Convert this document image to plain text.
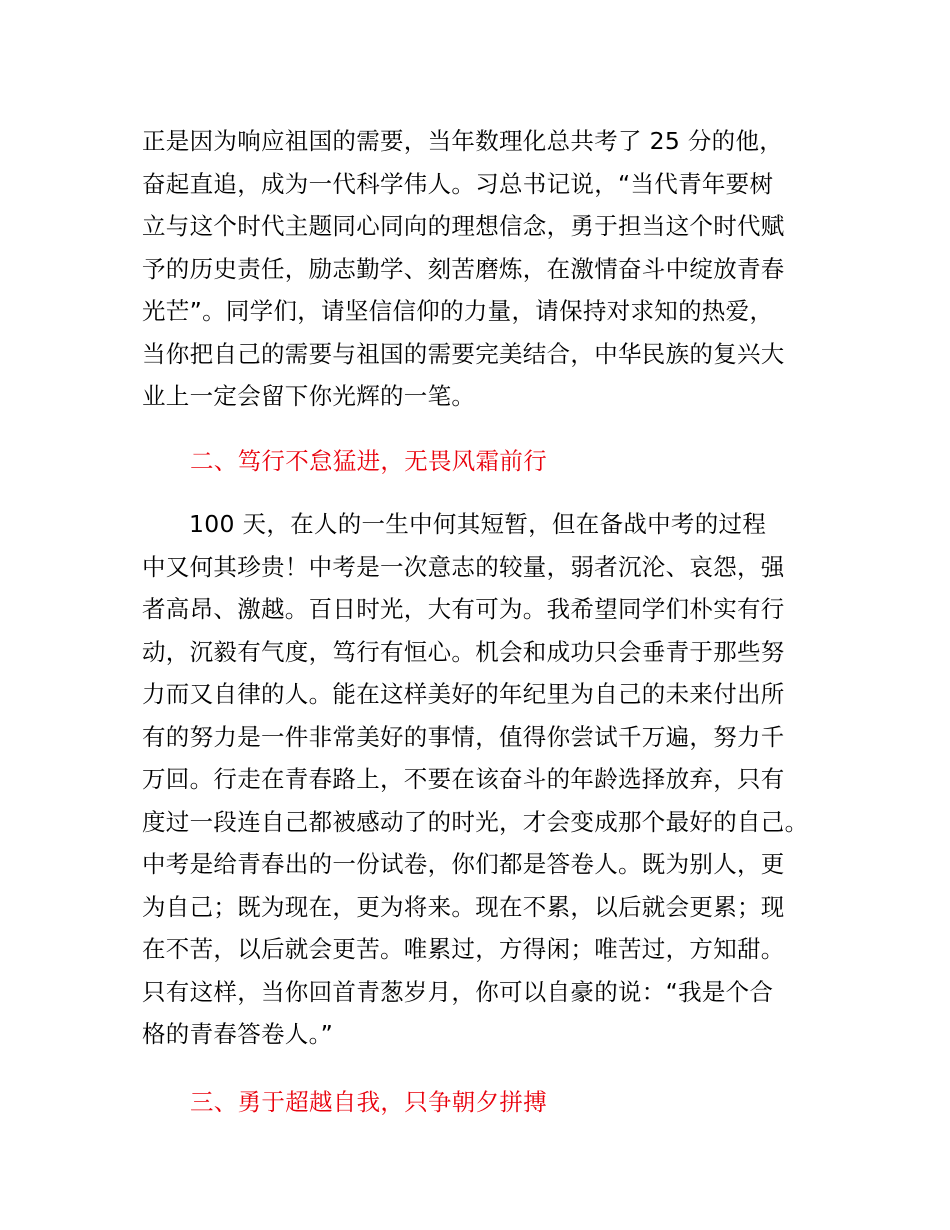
正是因为响应祖国的需要，当年数理化总共考了 25 分的他，
奋起直追，成为一代科学伟人。习总书记说，“当代青年要树
立与这个时代主题同心同向的理想信念，勇于担当这个时代赋
予的历史责任，励志勤学、刻苦磨炼，在激情奋斗中绽放青春
光芒”。同学们，请坚信信仰的力量，请保持对求知的热爱，
当你把自己的需要与祖国的需要完美结合，中华民族的复兴大
业上一定会留下你光辉的一笔。

二、笃行不怠猛进，无畏风霜前行

100 天，在人的一生中何其短暂，但在备战中考的过程
中又何其珍贵！中考是一次意志的较量，弱者沉沦、哀怨，强
者高昂、激越。百日时光，大有可为。我希望同学们朴实有行
动，沉毅有气度，笃行有恒心。机会和成功只会垂青于那些努
力而又自律的人。能在这样美好的年纪里为自己的未来付出所
有的努力是一件非常美好的事情，值得你尝试千万遍，努力千
万回。行走在青春路上，不要在该奋斗的年龄选择放弃，只有
度过一段连自己都被感动了的时光，才会变成那个最好的自己。
中考是给青春出的一份试卷，你们都是答卷人。既为别人，更
为自己；既为现在，更为将来。现在不累，以后就会更累；现
在不苦，以后就会更苦。唯累过，方得闲；唯苦过，方知甜。
只有这样，当你回首青葱岁月，你可以自豪的说：“我是个合
格的青春答卷人。”

三、勇于超越自我，只争朝夕拼搏
